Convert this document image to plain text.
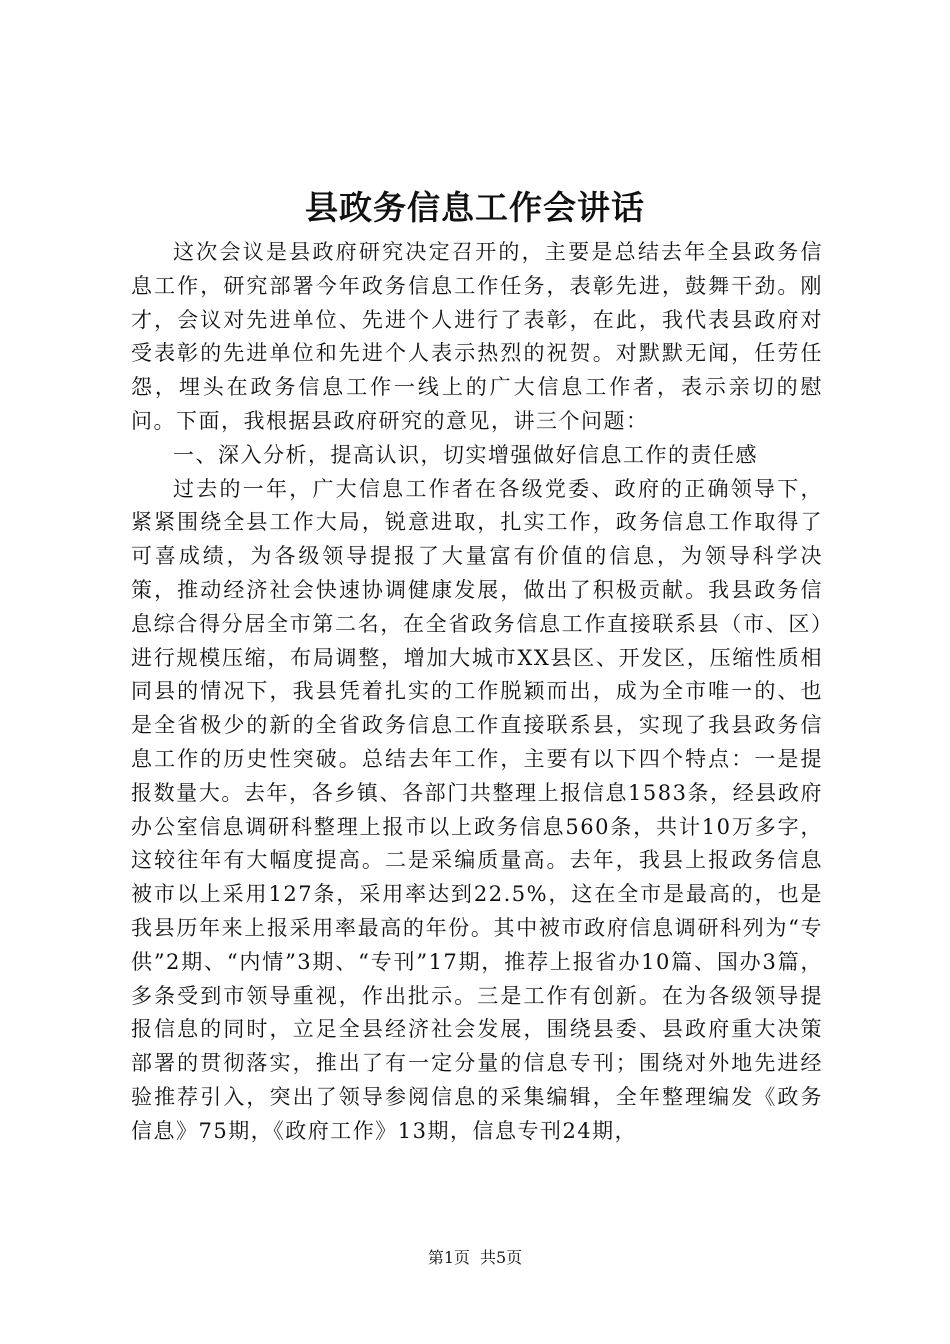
县政务信息工作会讲话

这次会议是县政府研究决定召开的，主要是总结去年全县政务信息工作，研究部署今年政务信息工作任务，表彰先进，鼓舞干劲。刚才，会议对先进单位、先进个人进行了表彰，在此，我代表县政府对受表彰的先进单位和先进个人表示热烈的祝贺。对默默无闻，任劳任怨，埋头在政务信息工作一线上的广大信息工作者，表示亲切的慰问。下面，我根据县政府研究的意见，讲三个问题：

一、深入分析，提高认识，切实增强做好信息工作的责任感

过去的一年，广大信息工作者在各级党委、政府的正确领导下，紧紧围绕全县工作大局，锐意进取，扎实工作，政务信息工作取得了可喜成绩，为各级领导提报了大量富有价值的信息，为领导科学决策，推动经济社会快速协调健康发展，做出了积极贡献。我县政务信息综合得分居全市第二名，在全省政务信息工作直接联系县（市、区）进行规模压缩，布局调整，增加大城市XX县区、开发区，压缩性质相同县的情况下，我县凭着扎实的工作脱颖而出，成为全市唯一的、也是全省极少的新的全省政务信息工作直接联系县，实现了我县政务信息工作的历史性突破。总结去年工作，主要有以下四个特点：一是提报数量大。去年，各乡镇、各部门共整理上报信息1583条，经县政府办公室信息调研科整理上报市以上政务信息560条，共计10万多字，这较往年有大幅度提高。二是采编质量高。去年，我县上报政务信息被市以上采用127条，采用率达到22.5%，这在全市是最高的，也是我县历年来上报采用率最高的年份。其中被市政府信息调研科列为“专供”2期、“内情”3期、“专刊”17期，推荐上报省办10篇、国办3篇，多条受到市领导重视，作出批示。三是工作有创新。在为各级领导提报信息的同时，立足全县经济社会发展，围绕县委、县政府重大决策部署的贯彻落实，推出了有一定分量的信息专刊；围绕对外地先进经验推荐引入，突出了领导参阅信息的采集编辑，全年整理编发《政务信息》75期，《政府工作》13期，信息专刊24期，

第1页 共5页
